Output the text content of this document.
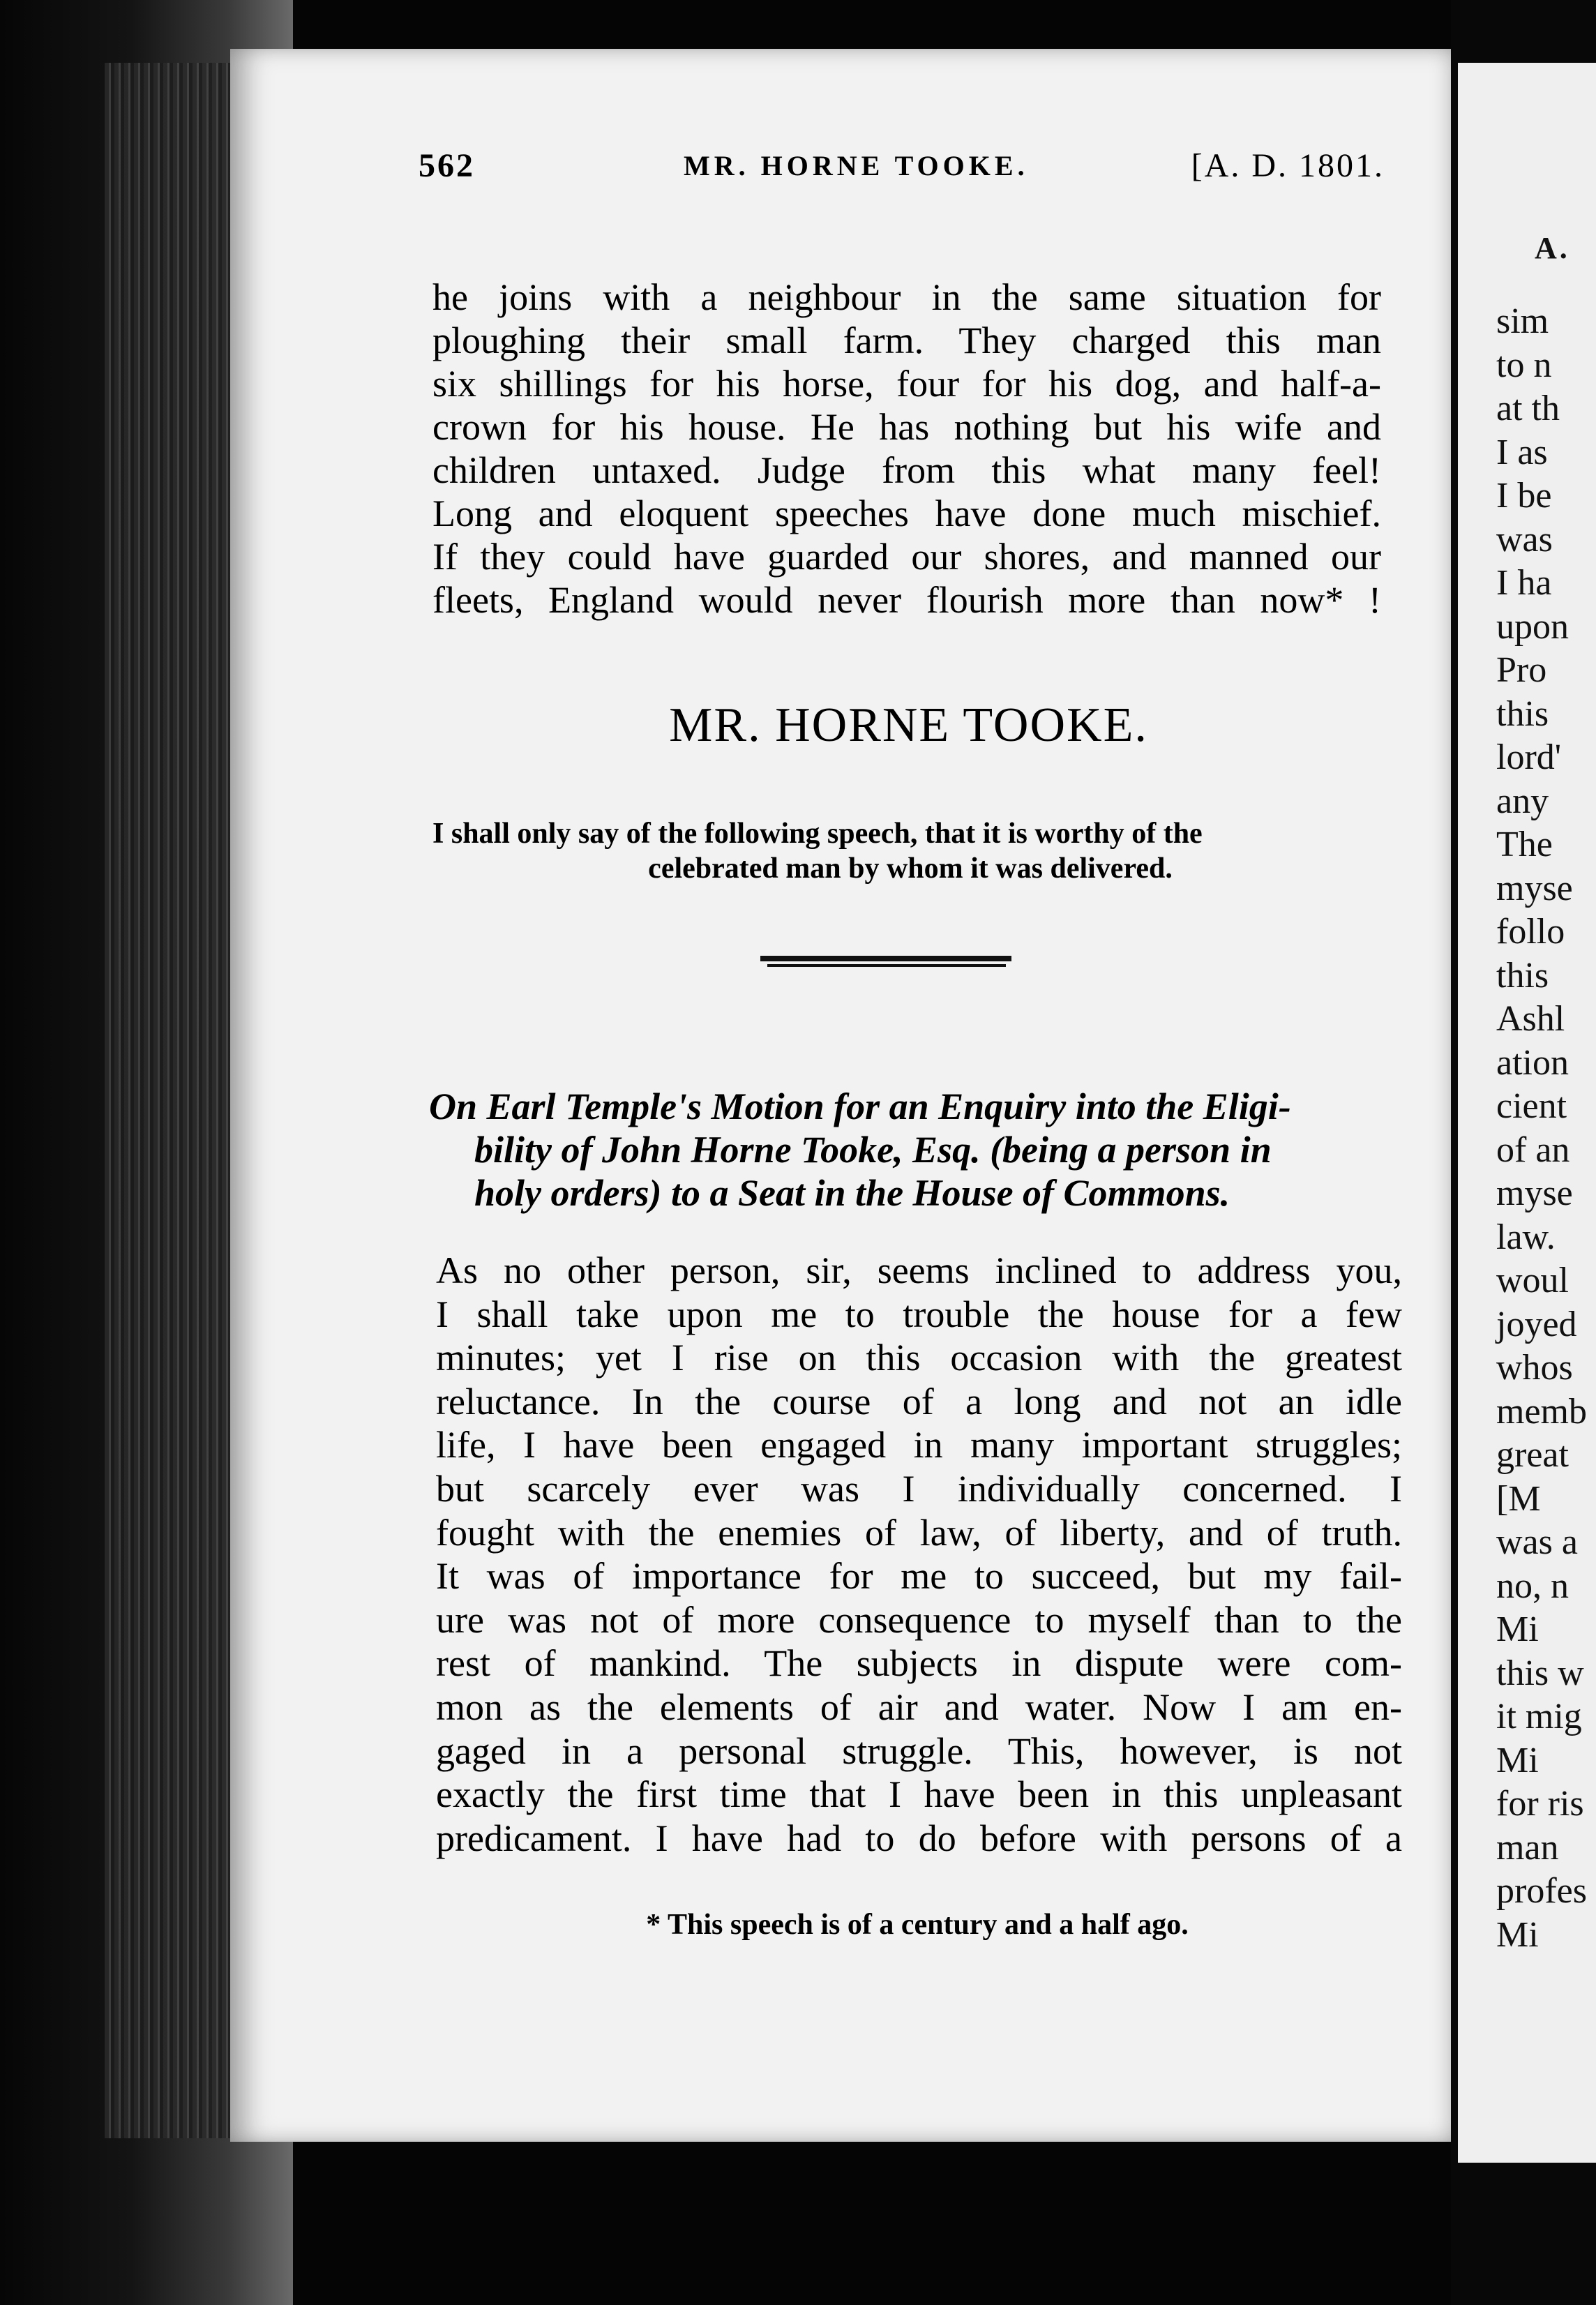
562	MR. HORNE TOOKE.	[A. D. 1801.
he joins with a neighbour in the same situation for
ploughing their small farm. They charged this man
six shillings for his horse, four for his dog, and half-a-
crown for his house. He has nothing but his wife and
children untaxed. Judge from this what many feel!
Long and eloquent speeches have done much mischief.
If they could have guarded our shores, and manned our
fleets, England would never flourish more than now* !
MR. HORNE TOOKE.
I shall only say of the following speech, that it is worthy of the
celebrated man by whom it was delivered.
On Earl Temple's Motion for an Enquiry into the Eligi-
bility of John Horne Tooke, Esq. (being a person in
holy orders) to a Seat in the House of Commons.
As no other person, sir, seems inclined to address you,
I shall take upon me to trouble the house for a few
minutes; yet I rise on this occasion with the greatest
reluctance. In the course of a long and not an idle
life, I have been engaged in many important struggles;
but scarcely ever was I individually concerned. I
fought with the enemies of law, of liberty, and of truth.
It was of importance for me to succeed, but my fail-
ure was not of more consequence to myself than to the
rest of mankind. The subjects in dispute were com-
mon as the elements of air and water. Now I am en-
gaged in a personal struggle. This, however, is not
exactly the first time that I have been in this unpleasant
predicament. I have had to do before with persons of a
* This speech is of a century and a half ago.
A.
sim
to n
at th
I as
I be
was
I ha
upon
Pro
this
lord'
any
The
myse
follo
this
Ashl
ation
cient
of an
myse
law.
woul
joyed
whos
memb
great
[M
was a
no, n
Mi
this w
it mig
Mi
for ris
man
profes
Mi
